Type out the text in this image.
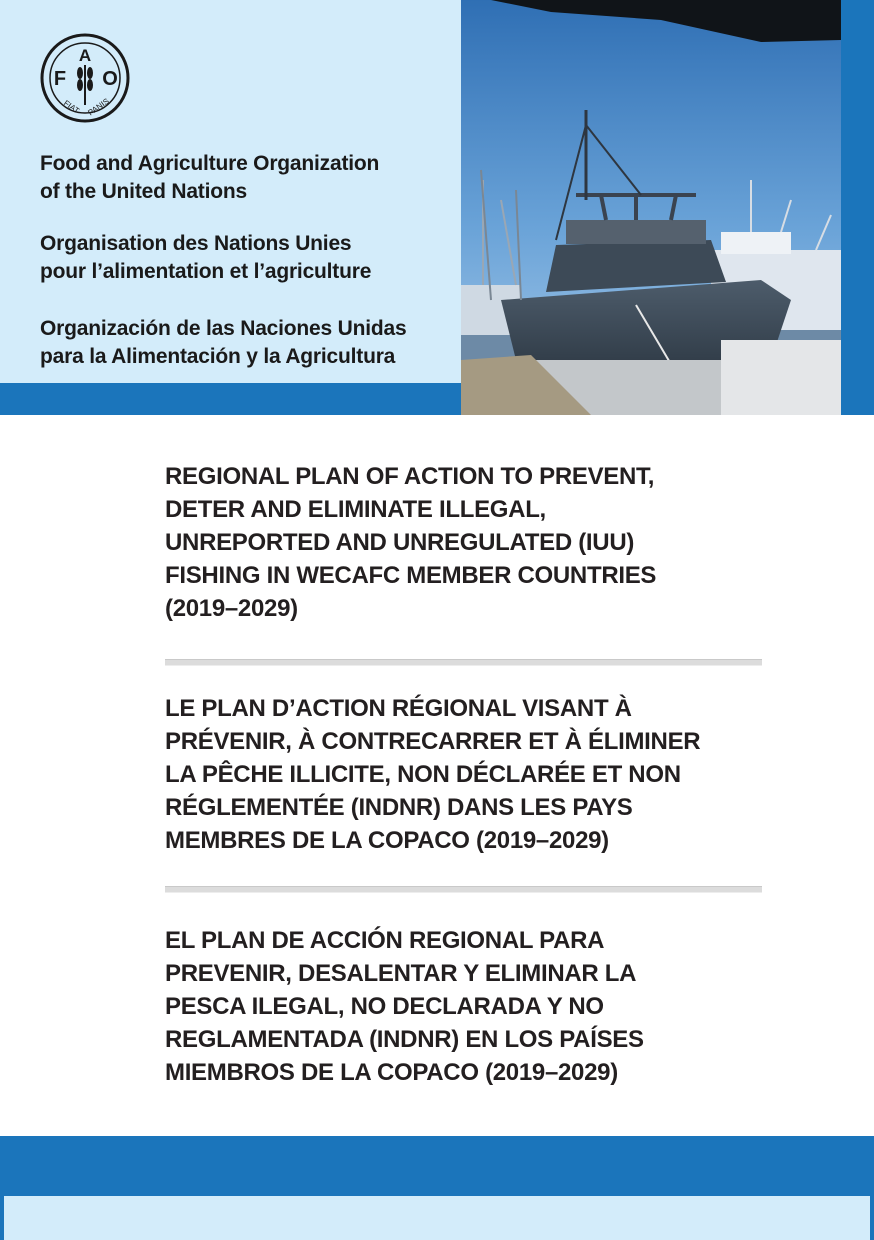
A
F O
FIAT PANIS
Food and Agriculture Organization
of the United Nations
Organisation des Nations Unies
pour l’alimentation et l’agriculture
Organización de las Naciones Unidas
para la Alimentación y la Agricultura

REGIONAL PLAN OF ACTION TO PREVENT,

DETER AND ELIMINATE ILLEGAL,

UNREPORTED AND UNREGULATED (IUU)

FISHING IN WECAFC MEMBER COUNTRIES

(2019–2029)

LE PLAN D’ACTION RÉGIONAL VISANT À

PRÉVENIR, À CONTRECARRER ET À ÉLIMINER

LA PÊCHE ILLICITE, NON DÉCLARÉE ET NON

RÉGLEMENTÉE (INDNR) DANS LES PAYS

MEMBRES DE LA COPACO (2019–2029)

EL PLAN DE ACCIÓN REGIONAL PARA

PREVENIR, DESALENTAR Y ELIMINAR LA

PESCA ILEGAL, NO DECLARADA Y NO

REGLAMENTADA (INDNR) EN LOS PAÍSES

MIEMBROS DE LA COPACO (2019–2029)
